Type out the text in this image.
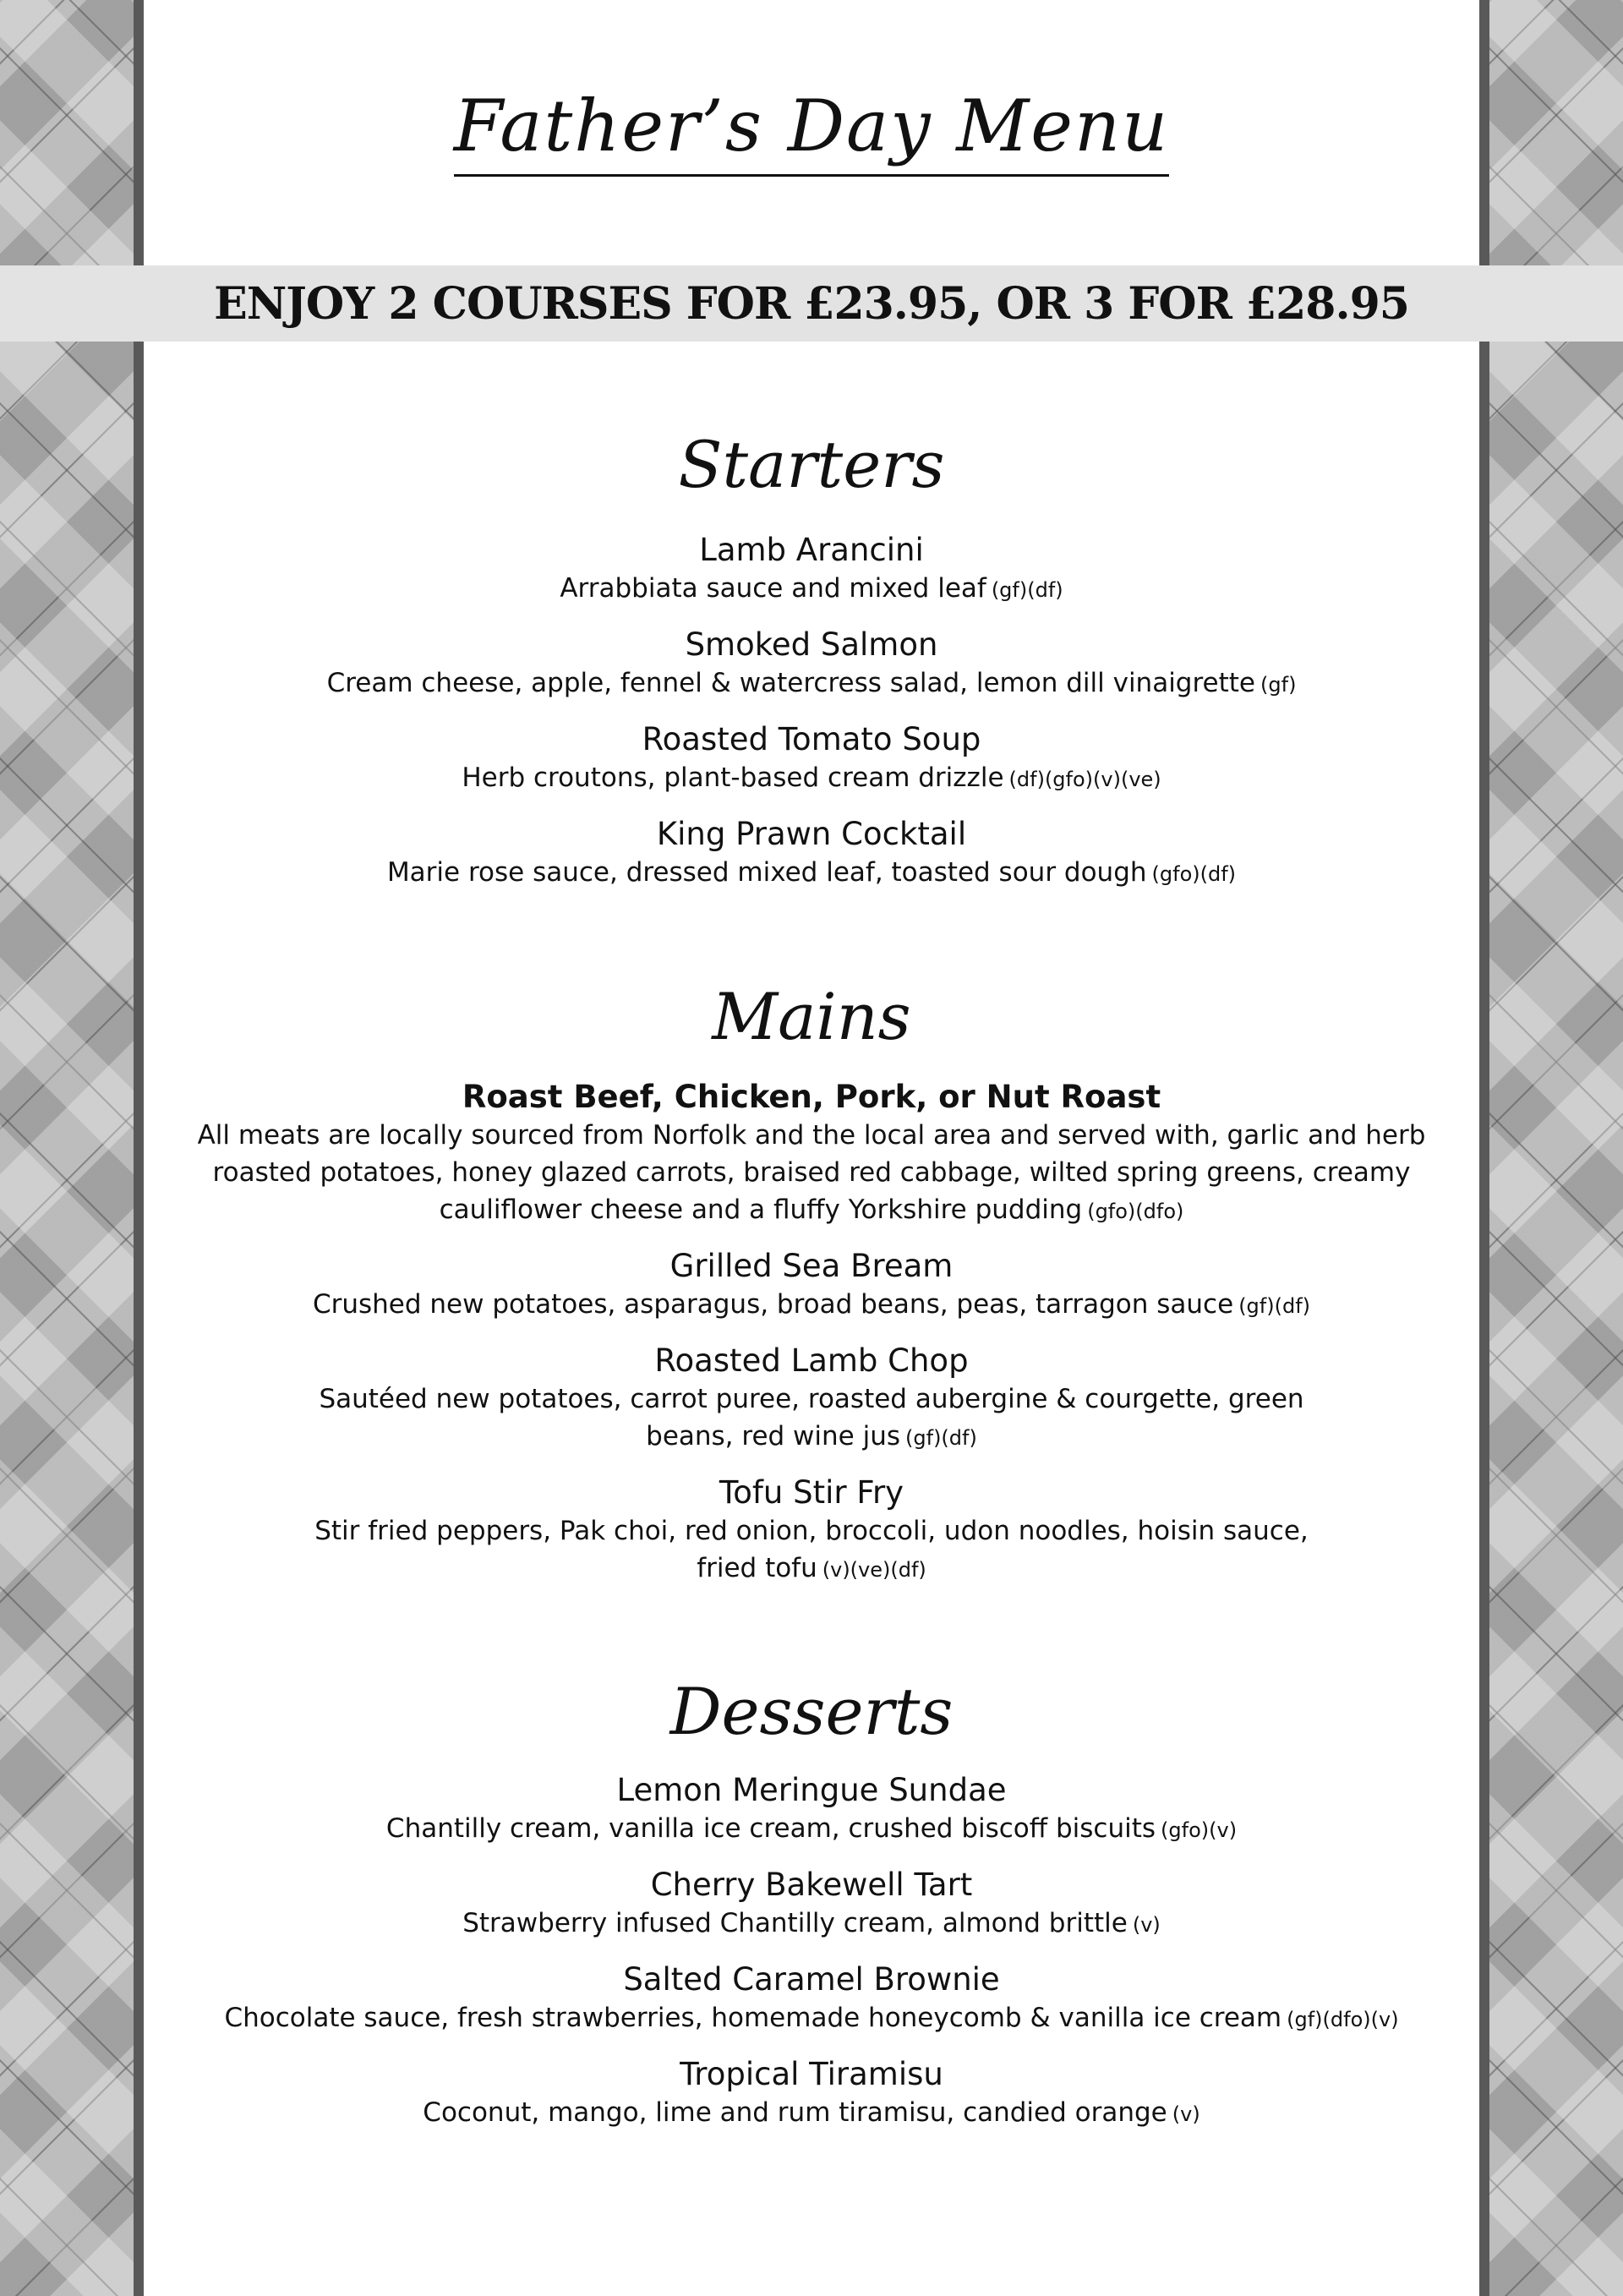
Father’s Day Menu
ENJOY 2 COURSES FOR £23.95, OR 3 FOR £28.95
Starters
Lamb Arancini
Arrabbiata sauce and mixed leaf (gf)(df)
Smoked Salmon
Cream cheese, apple, fennel & watercress salad, lemon dill vinaigrette (gf)
Roasted Tomato Soup
Herb croutons, plant-based cream drizzle (df)(gfo)(v)(ve)
King Prawn Cocktail
Marie rose sauce, dressed mixed leaf, toasted sour dough (gfo)(df)
Mains
Roast Beef, Chicken, Pork, or Nut Roast
All meats are locally sourced from Norfolk and the local area and served with, garlic and herb roasted potatoes, honey glazed carrots, braised red cabbage, wilted spring greens, creamy cauliflower cheese and a fluffy Yorkshire pudding (gfo)(dfo)
Grilled Sea Bream
Crushed new potatoes, asparagus, broad beans, peas, tarragon sauce (gf)(df)
Roasted Lamb Chop
Sautéed new potatoes, carrot puree, roasted aubergine & courgette, green beans, red wine jus (gf)(df)
Tofu Stir Fry
Stir fried peppers, Pak choi, red onion, broccoli, udon noodles, hoisin sauce, fried tofu (v)(ve)(df)
Desserts
Lemon Meringue Sundae
Chantilly cream, vanilla ice cream, crushed biscoff biscuits (gfo)(v)
Cherry Bakewell Tart
Strawberry infused Chantilly cream, almond brittle (v)
Salted Caramel Brownie
Chocolate sauce, fresh strawberries, homemade honeycomb & vanilla ice cream (gf)(dfo)(v)
Tropical Tiramisu
Coconut, mango, lime and rum tiramisu, candied orange (v)
